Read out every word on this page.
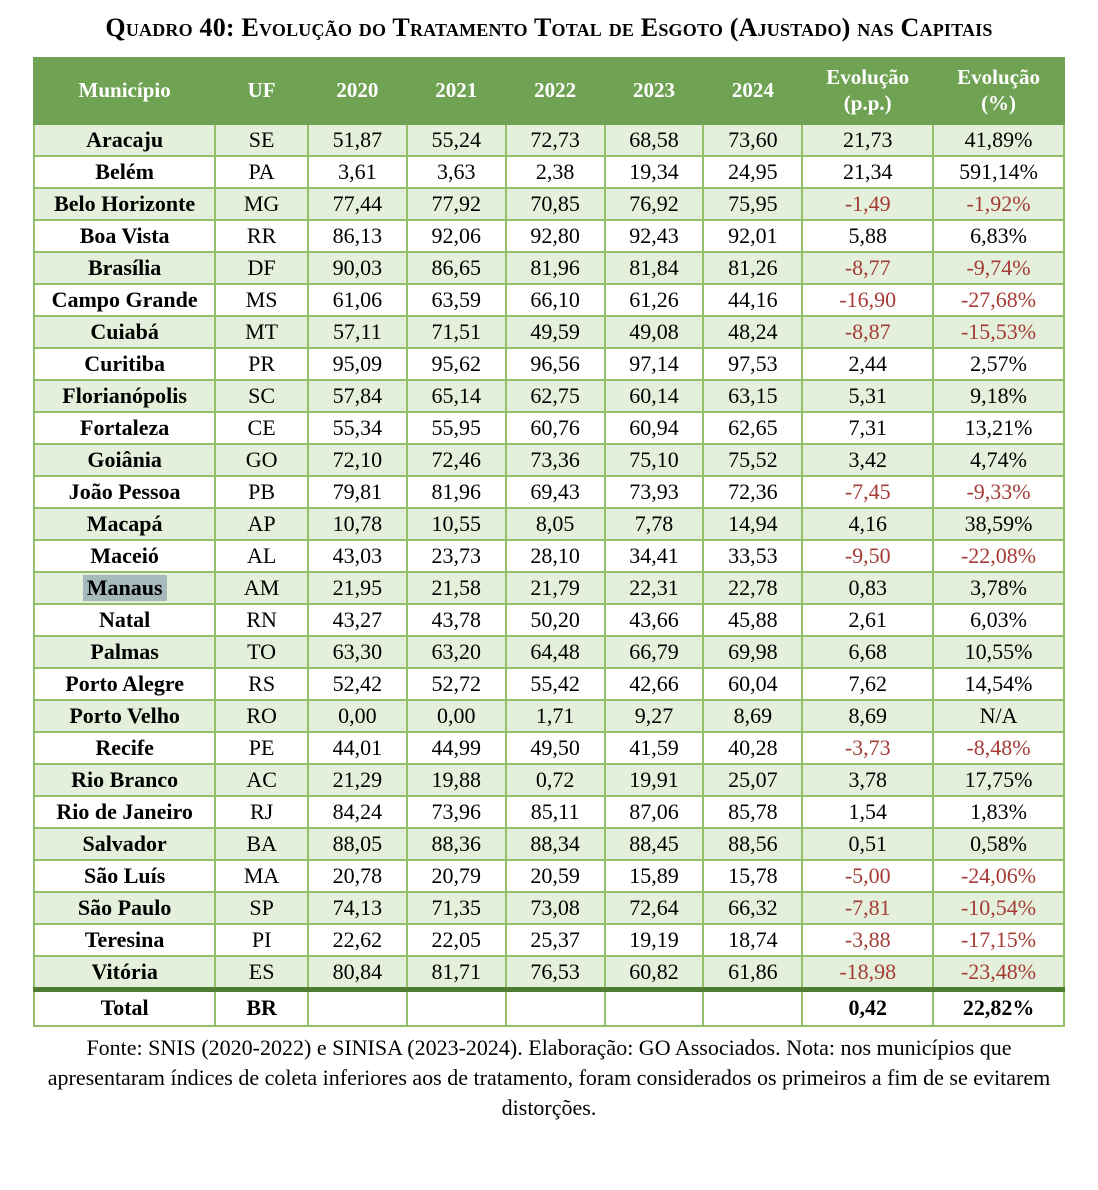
Quadro 40: Evolução do Tratamento Total de Esgoto (Ajustado) nas Capitais
Município	UF	2020	2021	2022	2023	2024	Evolução (p.p.)	Evolução (%)
Aracaju	SE	51,87	55,24	72,73	68,58	73,60	21,73	41,89%
Belém	PA	3,61	3,63	2,38	19,34	24,95	21,34	591,14%
Belo Horizonte	MG	77,44	77,92	70,85	76,92	75,95	-1,49	-1,92%
Boa Vista	RR	86,13	92,06	92,80	92,43	92,01	5,88	6,83%
Brasília	DF	90,03	86,65	81,96	81,84	81,26	-8,77	-9,74%
Campo Grande	MS	61,06	63,59	66,10	61,26	44,16	-16,90	-27,68%
Cuiabá	MT	57,11	71,51	49,59	49,08	48,24	-8,87	-15,53%
Curitiba	PR	95,09	95,62	96,56	97,14	97,53	2,44	2,57%
Florianópolis	SC	57,84	65,14	62,75	60,14	63,15	5,31	9,18%
Fortaleza	CE	55,34	55,95	60,76	60,94	62,65	7,31	13,21%
Goiânia	GO	72,10	72,46	73,36	75,10	75,52	3,42	4,74%
João Pessoa	PB	79,81	81,96	69,43	73,93	72,36	-7,45	-9,33%
Macapá	AP	10,78	10,55	8,05	7,78	14,94	4,16	38,59%
Maceió	AL	43,03	23,73	28,10	34,41	33,53	-9,50	-22,08%
Manaus	AM	21,95	21,58	21,79	22,31	22,78	0,83	3,78%
Natal	RN	43,27	43,78	50,20	43,66	45,88	2,61	6,03%
Palmas	TO	63,30	63,20	64,48	66,79	69,98	6,68	10,55%
Porto Alegre	RS	52,42	52,72	55,42	42,66	60,04	7,62	14,54%
Porto Velho	RO	0,00	0,00	1,71	9,27	8,69	8,69	N/A
Recife	PE	44,01	44,99	49,50	41,59	40,28	-3,73	-8,48%
Rio Branco	AC	21,29	19,88	0,72	19,91	25,07	3,78	17,75%
Rio de Janeiro	RJ	84,24	73,96	85,11	87,06	85,78	1,54	1,83%
Salvador	BA	88,05	88,36	88,34	88,45	88,56	0,51	0,58%
São Luís	MA	20,78	20,79	20,59	15,89	15,78	-5,00	-24,06%
São Paulo	SP	74,13	71,35	73,08	72,64	66,32	-7,81	-10,54%
Teresina	PI	22,62	22,05	25,37	19,19	18,74	-3,88	-17,15%
Vitória	ES	80,84	81,71	76,53	60,82	61,86	-18,98	-23,48%
Total	BR						0,42	22,82%
Fonte: SNIS (2020-2022) e SINISA (2023-2024). Elaboração: GO Associados. Nota: nos municípios que apresentaram índices de coleta inferiores aos de tratamento, foram considerados os primeiros a fim de se evitarem distorções.
